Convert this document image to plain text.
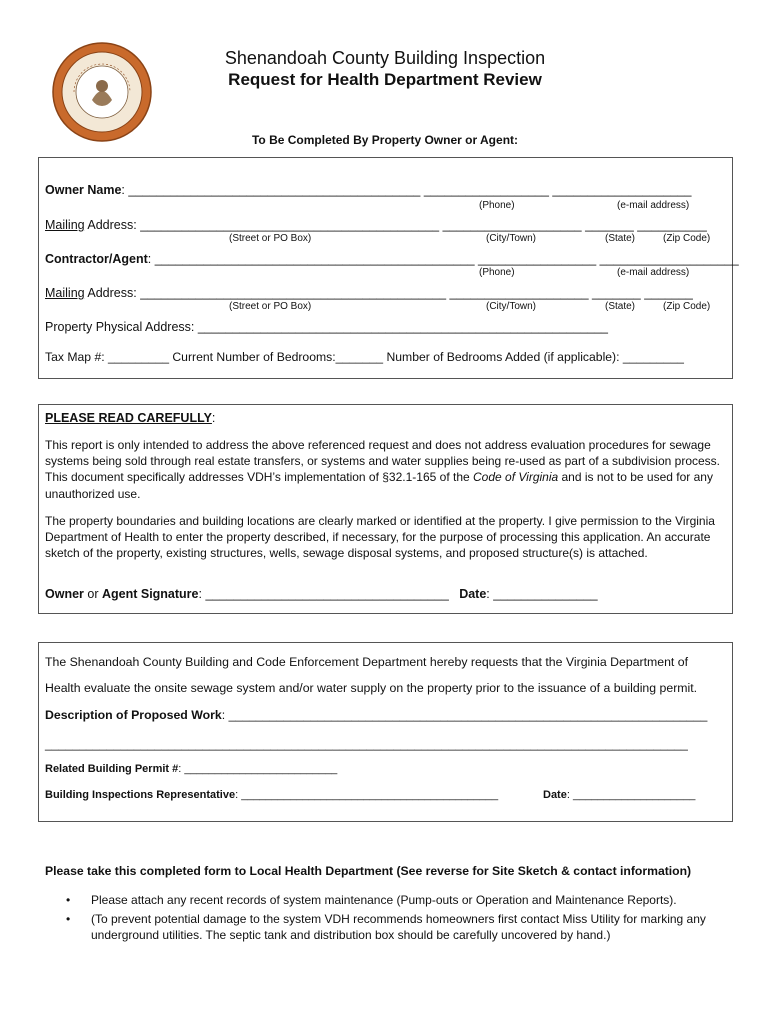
Shenandoah County Building Inspection
Request for Health Department Review
To Be Completed By Property Owner or Agent:
Owner Name: __________________________________________ __________________ ____________________
(Phone)	(e-mail address)
Mailing Address: ___________________________________________ ____________________ _______ __________
(Street or PO Box)	(City/Town)	(State)	(Zip Code)
Contractor/Agent: ______________________________________________ _________________ ____________________
(Phone)	(e-mail address)
Mailing Address: ____________________________________________ ____________________ _______ _______
(Street or PO Box)	(City/Town)	(State)	(Zip Code)
Property Physical Address: ___________________________________________________________
Tax Map #: _________ Current Number of Bedrooms:_______ Number of Bedrooms Added (if applicable): _________
PLEASE READ CAREFULLY:
This report is only intended to address the above referenced request and does not address evaluation procedures for sewage systems being sold through real estate transfers, or systems and water supplies being re-used as part of a subdivision process. This document specifically addresses VDH’s implementation of §32.1-165 of the Code of Virginia and is not to be used for any unauthorized use.
The property boundaries and building locations are clearly marked or identified at the property. I give permission to the Virginia Department of Health to enter the property described, if necessary, for the purpose of processing this application. An accurate sketch of the property, existing structures, wells, sewage disposal systems, and proposed structure(s) is attached.
Owner or Agent Signature: ___________________________________ Date: _______________
The Shenandoah County Building and Code Enforcement Department hereby requests that the Virginia Department of
Health evaluate the onsite sewage system and/or water supply on the property prior to the issuance of a building permit.
Description of Proposed Work: ______________________________________________________________________
______________________________________________________________________________________________
Related Building Permit #: _________________________
Building Inspections Representative: __________________________________________	Date: ____________________
Please take this completed form to Local Health Department (See reverse for Site Sketch & contact information)
• Please attach any recent records of system maintenance (Pump-outs or Operation and Maintenance Reports).
• (To prevent potential damage to the system VDH recommends homeowners first contact Miss Utility for marking any underground utilities. The septic tank and distribution box should be carefully uncovered by hand.)
